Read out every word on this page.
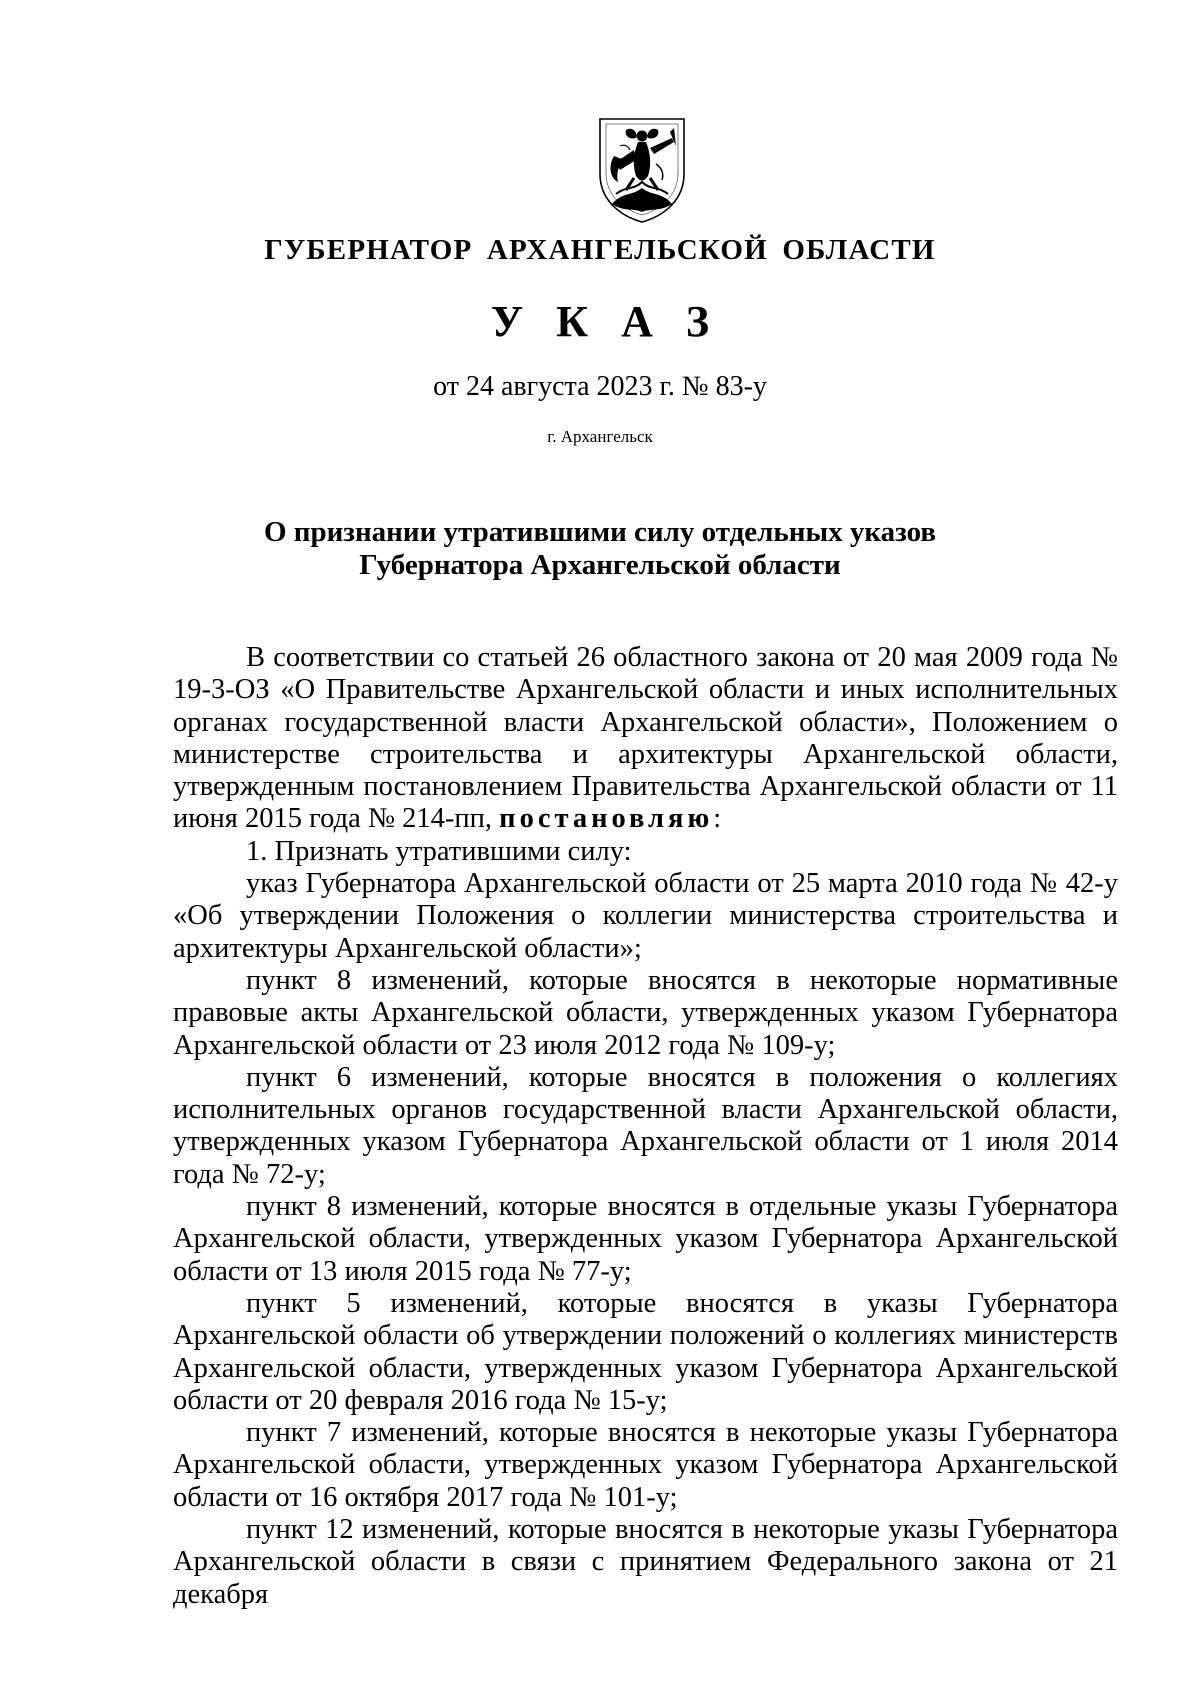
ГУБЕРНАТОР АРХАНГЕЛЬСКОЙ ОБЛАСТИ
У К А З
от 24 августа 2023 г. № 83-у
г. Архангельск
О признании утратившими силу отдельных указов
Губернатора Архангельской области

В соответствии со статьей 26 областного закона от 20 мая 2009 года № 19-3-ОЗ «О Правительстве Архангельской области и иных исполнительных органах государственной власти Архангельской области», Положением о министерстве строительства и архитектуры Архангельской области, утвержденным постановлением Правительства Архангельской области от 11 июня 2015 года № 214-пп, постановляю:

1. Признать утратившими силу:

указ Губернатора Архангельской области от 25 марта 2010 года № 42-у «Об утверждении Положения о коллегии министерства строительства и архитектуры Архангельской области»;

пункт 8 изменений, которые вносятся в некоторые нормативные правовые акты Архангельской области, утвержденных указом Губернатора Архангельской области от 23 июля 2012 года № 109-у;

пункт 6 изменений, которые вносятся в положения о коллегиях исполнительных органов государственной власти Архангельской области, утвержденных указом Губернатора Архангельской области от 1 июля 2014 года № 72-у;

пункт 8 изменений, которые вносятся в отдельные указы Губернатора Архангельской области, утвержденных указом Губернатора Архангельской области от 13 июля 2015 года № 77-у;

пункт 5 изменений, которые вносятся в указы Губернатора Архангельской области об утверждении положений о коллегиях министерств Архангельской области, утвержденных указом Губернатора Архангельской области от 20 февраля 2016 года № 15-у;

пункт 7 изменений, которые вносятся в некоторые указы Губернатора Архангельской области, утвержденных указом Губернатора Архангельской области от 16 октября 2017 года № 101-у;

пункт 12 изменений, которые вносятся в некоторые указы Губернатора Архангельской области в связи с принятием Федерального закона от 21 декабря
